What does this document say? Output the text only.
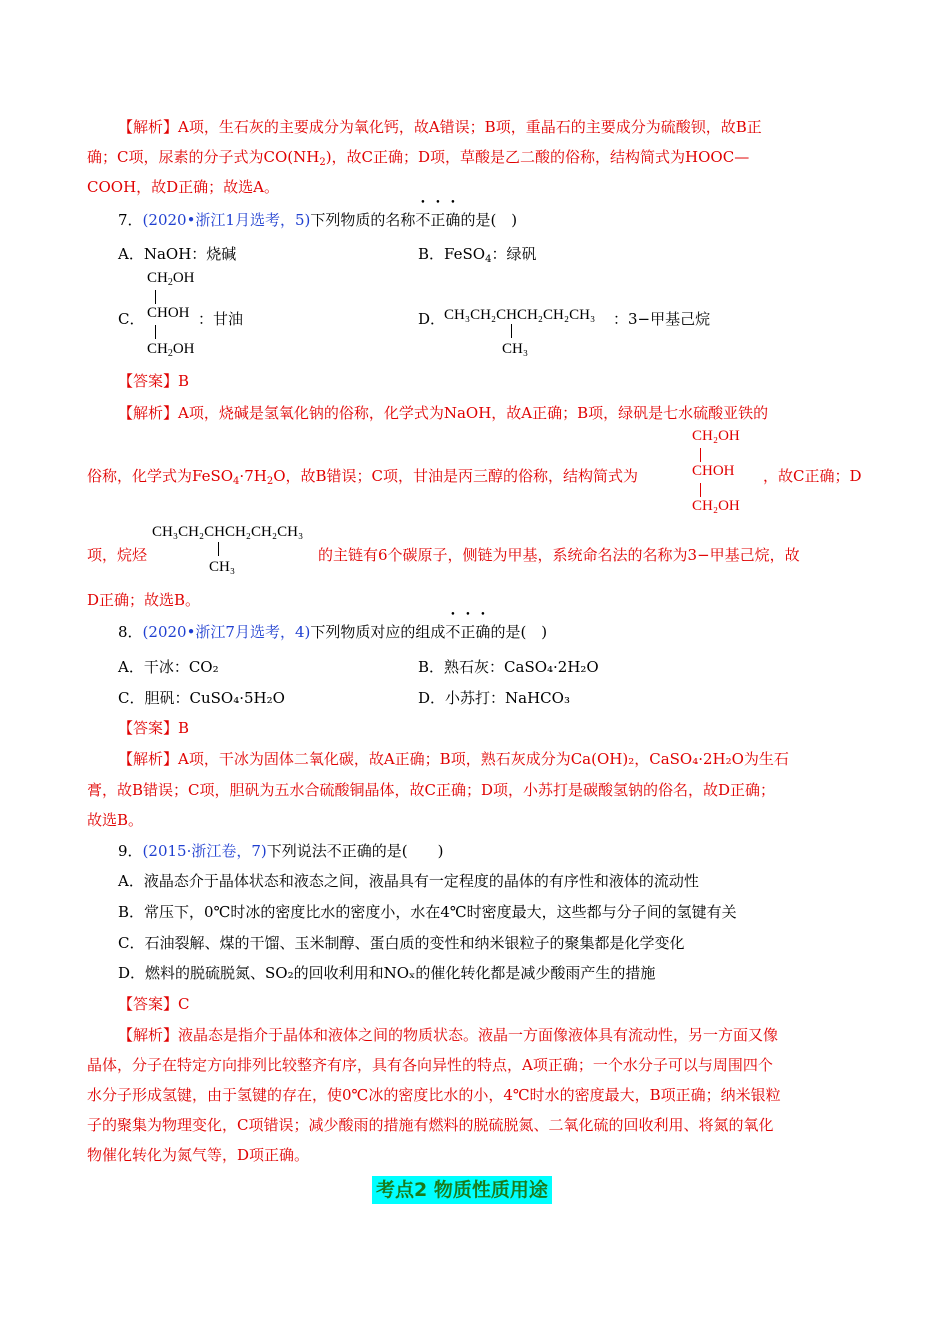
【解析】A项，生石灰的主要成分为氧化钙，故A错误；B项，重晶石的主要成分为硫酸钡，故B正
确；C项，尿素的分子式为$CO(NH_2)$，故C正确；D项，草酸是乙二酸的俗称，结构简式为HOOC—
COOH，故D正确；故选A。
7．(2020•浙江1月选考，5)下列物质的名称不正确的是(　)
A．NaOH：烧碱	B．FeSO$_4$：绿矾
C．
$CH_2OH$
CHOH
$CH_2OH$
：甘油	D．
CH₃CH₂CHCH₂CH₂CH₃
CH₃
：3−甲基己烷
【答案】B
【解析】A项，烧碱是氢氧化钠的俗称，化学式为NaOH，故A正确；B项，绿矾是七水硫酸亚铁的
CH₂OH
CHOH
CH₂OH
俗称，化学式为$FeSO_4\cdot 7H_2O$，故B错误；C项，甘油是丙三醇的俗称，结构简式为	，故C正确；D
CH₃CH₂CHCH₂CH₂CH₃
CH₃
项，烷烃	的主链有6个碳原子，侧链为甲基，系统命名法的名称为3−甲基己烷，故
D正确；故选B。
8．(2020•浙江7月选考，4)下列物质对应的组成不正确的是(　)
A．干冰：CO₂	B．熟石灰：CaSO₄·2H₂O
C．胆矾：CuSO₄·5H₂O	D．小苏打：NaHCO₃
【答案】B
【解析】A项，干冰为固体二氧化碳，故A正确；B项，熟石灰成分为Ca(OH)₂，CaSO₄·2H₂O为生石
膏，故B错误；C项，胆矾为五水合硫酸铜晶体，故C正确；D项，小苏打是碳酸氢钠的俗名，故D正确；
故选B。
9．(2015·浙江卷，7)下列说法不正确的是(　　)
A．液晶态介于晶体状态和液态之间，液晶具有一定程度的晶体的有序性和液体的流动性
B．常压下，0℃时冰的密度比水的密度小，水在4℃时密度最大，这些都与分子间的氢键有关
C．石油裂解、煤的干馏、玉米制醇、蛋白质的变性和纳米银粒子的聚集都是化学变化
D．燃料的脱硫脱氮、SO₂的回收利用和NOₓ的催化转化都是减少酸雨产生的措施
【答案】C
【解析】液晶态是指介于晶体和液体之间的物质状态。液晶一方面像液体具有流动性，另一方面又像
晶体，分子在特定方向排列比较整齐有序，具有各向异性的特点，A项正确；一个水分子可以与周围四个
水分子形成氢键，由于氢键的存在，使0℃冰的密度比水的小，4℃时水的密度最大，B项正确；纳米银粒
子的聚集为物理变化，C项错误；减少酸雨的措施有燃料的脱硫脱氮、二氧化硫的回收利用、将氮的氧化
物催化转化为氮气等，D项正确。
考点2 物质性质用途
